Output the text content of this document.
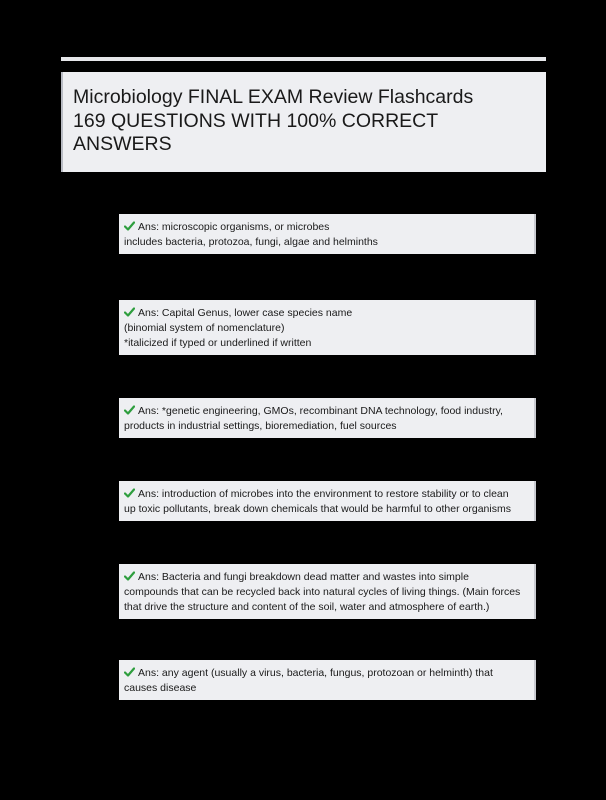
Microbiology FINAL EXAM Review Flashcards
169 QUESTIONS WITH 100% CORRECT
ANSWERS
Ans: microscopic organisms, or microbes
includes bacteria, protozoa, fungi, algae and helminths
Ans: Capital Genus, lower case species name
(binomial system of nomenclature)
*italicized if typed or underlined if written
Ans: *genetic engineering, GMOs, recombinant DNA technology, food industry,
products in industrial settings, bioremediation, fuel sources
Ans: introduction of microbes into the environment to restore stability or to clean
up toxic pollutants, break down chemicals that would be harmful to other organisms
Ans: Bacteria and fungi breakdown dead matter and wastes into simple
compounds that can be recycled back into natural cycles of living things. (Main forces
that drive the structure and content of the soil, water and atmosphere of earth.)
Ans: any agent (usually a virus, bacteria, fungus, protozoan or helminth) that
causes disease
